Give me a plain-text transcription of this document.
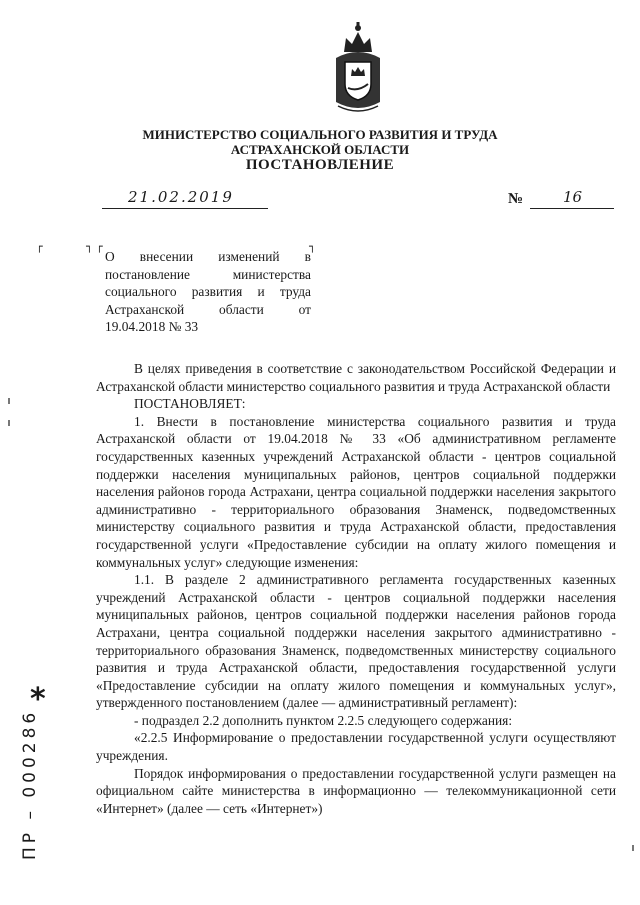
МИНИСТЕРСТВО СОЦИАЛЬНОГО РАЗВИТИЯ И ТРУДА
АСТРАХАНСКОЙ ОБЛАСТИ
ПОСТАНОВЛЕНИЕ
21.02.2019	№	16
┌	┐ ┌	┐
О внесении изменений в постановление министерства социального развития и труда Астраханской области от 19.04.2018 № 33

В целях приведения в соответствие с законодательством Российской Федерации и Астраханской области министерство социального развития и труда Астраханской области

ПОСТАНОВЛЯЕТ:

1. Внести в постановление министерства социального развития и труда Астраханской области от 19.04.2018 № 33 «Об административном регламенте государственных казенных учреждений Астраханской области - центров социальной поддержки населения муниципальных районов, центров социальной поддержки населения районов города Астрахани, центра социальной поддержки населения закрытого административно - территориального образования Знаменск, подведомственных министерству социального развития и труда Астраханской области, предоставления государственной услуги «Предоставление субсидии на оплату жилого помещения и коммунальных услуг» следующие изменения:

1.1. В разделе 2 административного регламента государственных казенных учреждений Астраханской области - центров социальной поддержки населения муниципальных районов, центров социальной поддержки населения районов города Астрахани, центра социальной поддержки населения закрытого административно - территориального образования Знаменск, подведомственных министерству социального развития и труда Астраханской области, предоставления государственной услуги «Предоставление субсидии на оплату жилого помещения и коммунальных услуг», утвержденного постановлением (далее — административный регламент):

- подраздел 2.2 дополнить пунктом 2.2.5 следующего содержания:

«2.2.5 Информирование о предоставлении государственной услуги осуществляют учреждения.

Порядок информирования о предоставлении государственной услуги размещен на официальном сайте министерства в информационно — телекоммуникационной сети «Интернет» (далее — сеть «Интернет»)

*
ПР – 000286
